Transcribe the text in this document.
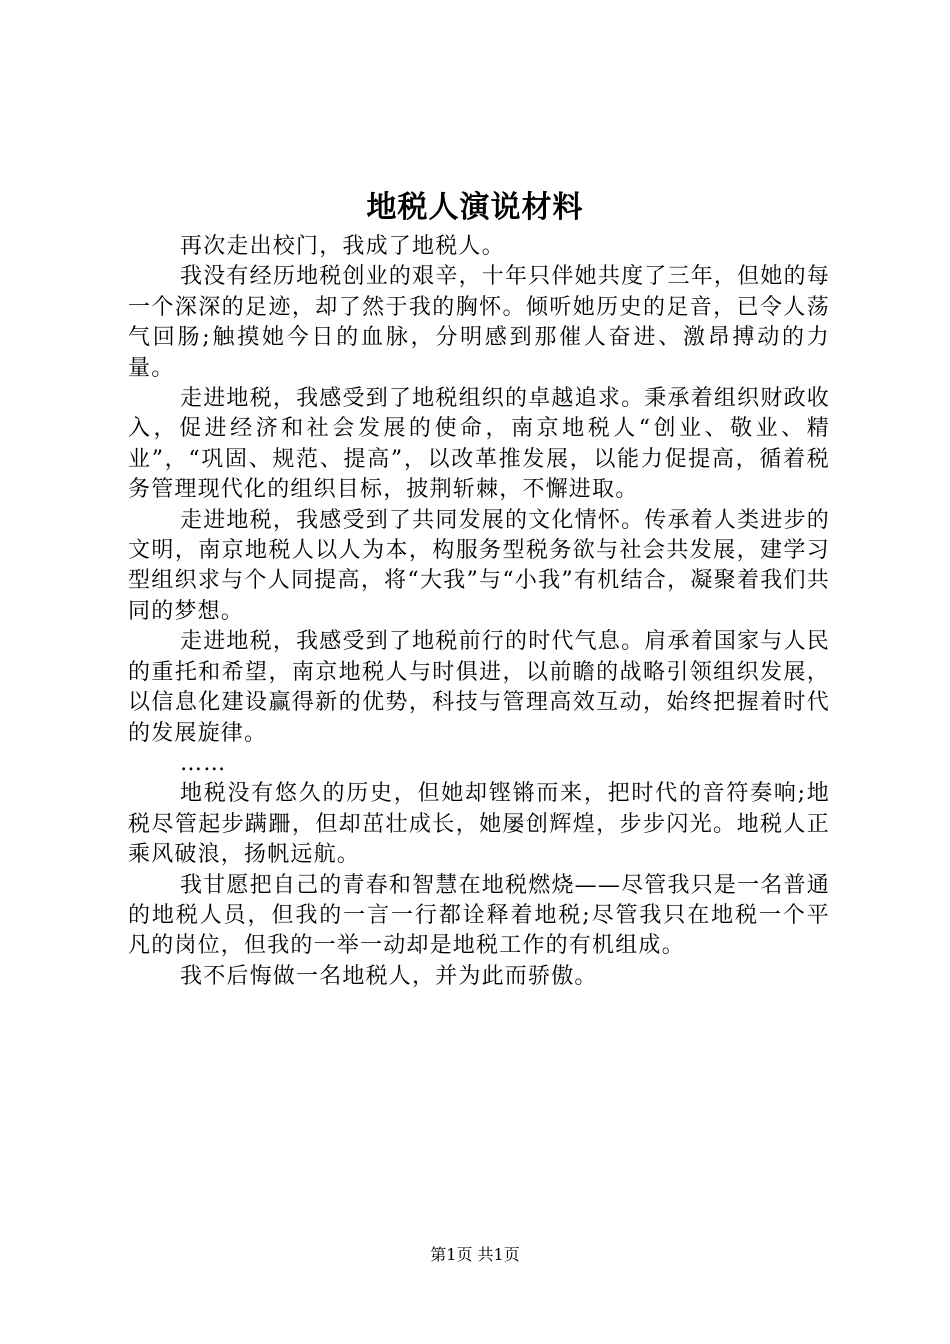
地税人演说材料

再次走出校门，我成了地税人。

我没有经历地税创业的艰辛，十年只伴她共度了三年，但她的每一个深深的足迹，却了然于我的胸怀。倾听她历史的足音，已令人荡气回肠;触摸她今日的血脉，分明感到那催人奋进、激昂搏动的力量。

走进地税，我感受到了地税组织的卓越追求。秉承着组织财政收入，促进经济和社会发展的使命，南京地税人“创业、敬业、精业”，“巩固、规范、提高”，以改革推发展，以能力促提高，循着税务管理现代化的组织目标，披荆斩棘，不懈进取。

走进地税，我感受到了共同发展的文化情怀。传承着人类进步的文明，南京地税人以人为本，构服务型税务欲与社会共发展，建学习型组织求与个人同提高，将“大我”与“小我”有机结合，凝聚着我们共同的梦想。

走进地税，我感受到了地税前行的时代气息。肩承着国家与人民的重托和希望，南京地税人与时俱进，以前瞻的战略引领组织发展，以信息化建设赢得新的优势，科技与管理高效互动，始终把握着时代的发展旋律。

……

地税没有悠久的历史，但她却铿锵而来，把时代的音符奏响;地税尽管起步蹒跚，但却茁壮成长，她屡创辉煌，步步闪光。地税人正乘风破浪，扬帆远航。

我甘愿把自己的青春和智慧在地税燃烧——尽管我只是一名普通的地税人员，但我的一言一行都诠释着地税;尽管我只在地税一个平凡的岗位，但我的一举一动却是地税工作的有机组成。

我不后悔做一名地税人，并为此而骄傲。

第1页 共1页
